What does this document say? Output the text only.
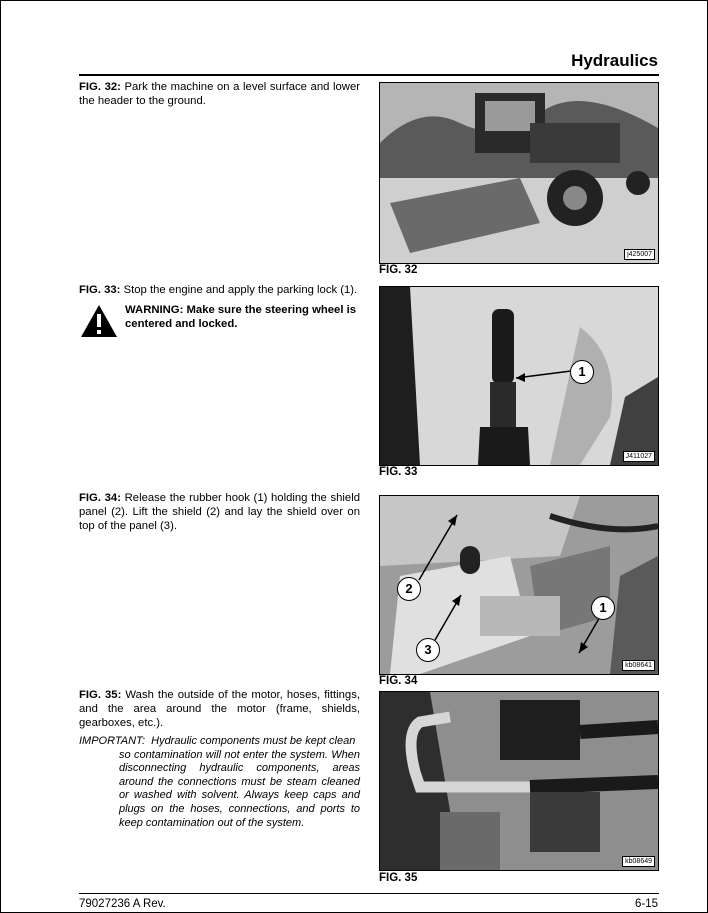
Hydraulics
FIG. 32: Park the machine on a level surface and lower the header to the ground.
FIG. 33: Stop the engine and apply the parking lock (1).
WARNING: Make sure the steering wheel is centered and locked.
FIG. 34: Release the rubber hook (1) holding the shield panel (2). Lift the shield (2) and lay the shield over on top of the panel (3).
FIG. 35: Wash the outside of the motor, hoses, fittings, and the area around the motor (frame, shields, gearboxes, etc.).
IMPORTANT: Hydraulic components must be kept clean
so contamination will not enter the system. When disconnecting hydraulic components, areas around the connections must be steam cleaned or washed with solvent. Always keep caps and plugs on the hoses, connections, and ports to keep contamination out of the system.
j425007
FIG. 32
J411027
1
FIG. 33
kb08641
2
1
3
FIG. 34
kb08649
FIG. 35
79027236 A Rev.	6-15
